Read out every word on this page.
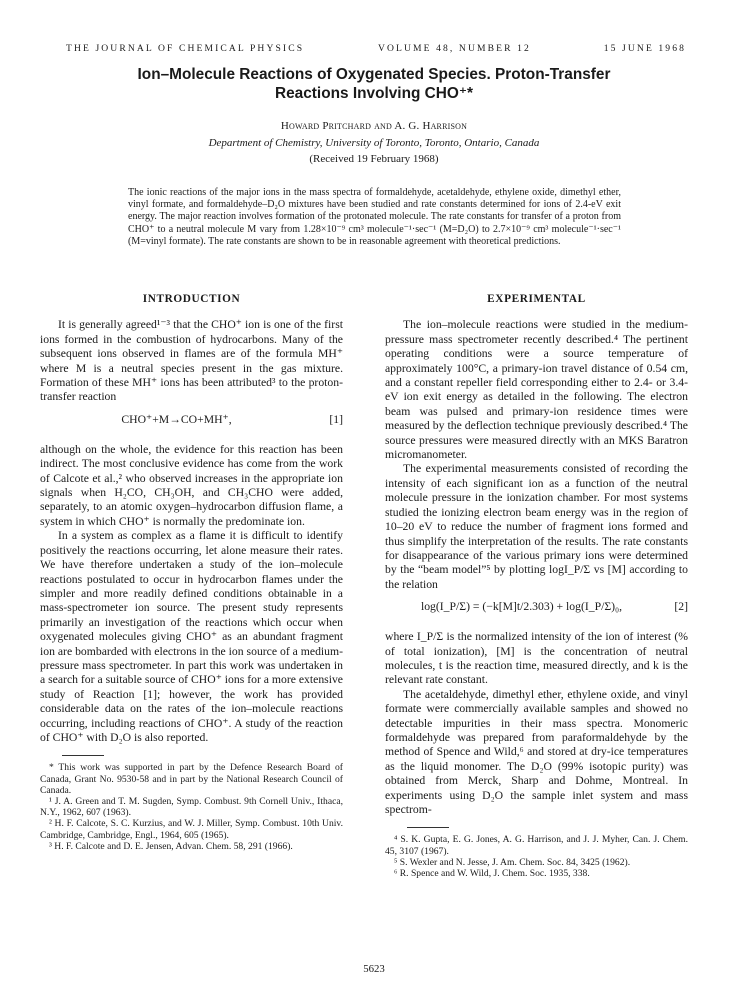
THE JOURNAL OF CHEMICAL PHYSICS	VOLUME 48, NUMBER 12	15 JUNE 1968
Ion–Molecule Reactions of Oxygenated Species. Proton-Transfer
Reactions Involving CHO⁺*
Howard Pritchard and A. G. Harrison
Department of Chemistry, University of Toronto, Toronto, Ontario, Canada
(Received 19 February 1968)
The ionic reactions of the major ions in the mass spectra of formaldehyde, acetaldehyde, ethylene oxide, dimethyl ether, vinyl formate, and formaldehyde–D₂O mixtures have been studied and rate constants determined for ions of 2.4-eV exit energy. The major reaction involves formation of the protonated molecule. The rate constants for transfer of a proton from CHO⁺ to a neutral molecule M vary from 1.28×10⁻⁹ cm³ molecule⁻¹·sec⁻¹ (M=D₂O) to 2.7×10⁻⁹ cm³ molecule⁻¹·sec⁻¹ (M=vinyl formate). The rate constants are shown to be in reasonable agreement with theoretical predictions.
INTRODUCTION

It is generally agreed¹⁻³ that the CHO⁺ ion is one of the first ions formed in the combustion of hydrocarbons. Many of the subsequent ions observed in flames are of the formula MH⁺ where M is a neutral species present in the gas mixture. Formation of these MH⁺ ions has been attributed³ to the proton-transfer reaction

CHO⁺+M→CO+MH⁺,	[1]

although on the whole, the evidence for this reaction has been indirect. The most conclusive evidence has come from the work of Calcote et al.,² who observed increases in the appropriate ion signals when H₂CO, CH₃OH, and CH₃CHO were added, separately, to an atomic oxygen–hydrocarbon diffusion flame, a system in which CHO⁺ is normally the predominate ion.

In a system as complex as a flame it is difficult to identify positively the reactions occurring, let alone measure their rates. We have therefore undertaken a study of the ion–molecule reactions postulated to occur in hydrocarbon flames under the simpler and more readily defined conditions obtainable in a mass-spectrometer ion source. The present study represents primarily an investigation of the reactions which occur when oxygenated molecules giving CHO⁺ as an abundant fragment ion are bombarded with electrons in the ion source of a medium-pressure mass spectrometer. In part this work was undertaken in a search for a suitable source of CHO⁺ ions for a more extensive study of Reaction [1]; however, the work has provided considerable data on the rates of the ion–molecule reactions occurring, including reactions of CHO⁺. A study of the reaction of CHO⁺ with D₂O is also reported.

* This work was supported in part by the Defence Research Board of Canada, Grant No. 9530-58 and in part by the National Research Council of Canada.
¹ J. A. Green and T. M. Sugden, Symp. Combust. 9th Cornell Univ., Ithaca, N.Y., 1962, 607 (1963).
² H. F. Calcote, S. C. Kurzius, and W. J. Miller, Symp. Combust. 10th Univ. Cambridge, Cambridge, Engl., 1964, 605 (1965).
³ H. F. Calcote and D. E. Jensen, Advan. Chem. 58, 291 (1966).
EXPERIMENTAL

The ion–molecule reactions were studied in the medium-pressure mass spectrometer recently described.⁴ The pertinent operating conditions were a source temperature of approximately 100°C, a primary-ion travel distance of 0.54 cm, and a constant repeller field corresponding either to 2.4- or 3.4-eV ion exit energy as detailed in the following. The electron beam was pulsed and primary-ion residence times were measured by the deflection technique previously described.⁴ The source pressures were measured directly with an MKS Baratron micromanometer.

The experimental measurements consisted of recording the intensity of each significant ion as a function of the neutral molecule pressure in the ionization chamber. For most systems studied the ionizing electron beam energy was in the region of 10–20 eV to reduce the number of fragment ions formed and thus simplify the interpretation of the results. The rate constants for disappearance of the various primary ions were determined by the “beam model”⁵ by plotting logI_P/Σ vs [M] according to the relation

log(I_P/Σ) = (−k[M]t/2.303) + log(I_P/Σ)₀,	[2]

where I_P/Σ is the normalized intensity of the ion of interest (% of total ionization), [M] is the concentration of neutral molecules, t is the reaction time, measured directly, and k is the relevant rate constant.

The acetaldehyde, dimethyl ether, ethylene oxide, and vinyl formate were commercially available samples and showed no detectable impurities in their mass spectra. Monomeric formaldehyde was prepared from paraformaldehyde by the method of Spence and Wild,⁶ and stored at dry-ice temperatures as the liquid monomer. The D₂O (99% isotopic purity) was obtained from Merck, Sharp and Dohme, Montreal. In experiments using D₂O the sample inlet system and mass spectrom-

⁴ S. K. Gupta, E. G. Jones, A. G. Harrison, and J. J. Myher, Can. J. Chem. 45, 3107 (1967).
⁵ S. Wexler and N. Jesse, J. Am. Chem. Soc. 84, 3425 (1962).
⁶ R. Spence and W. Wild, J. Chem. Soc. 1935, 338.
5623
